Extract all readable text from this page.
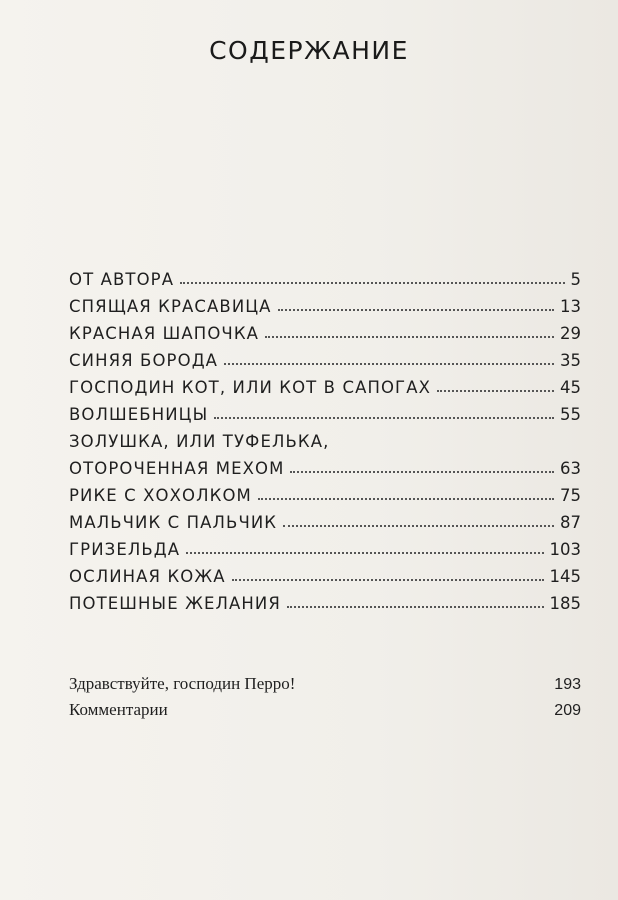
СОДЕРЖАНИЕ
ОТ АВТОРА	5
СПЯЩАЯ КРАСАВИЦА	13
КРАСНАЯ ШАПОЧКА	29
СИНЯЯ БОРОДА	35
ГОСПОДИН КОТ, ИЛИ КОТ В САПОГАХ	45
ВОЛШЕБНИЦЫ	55
ЗОЛУШКА, ИЛИ ТУФЕЛЬКА,
ОТОРОЧЕННАЯ МЕХОМ	63
РИКЕ С ХОХОЛКОМ	75
МАЛЬЧИК С ПАЛЬЧИК	87
ГРИЗЕЛЬДА	103
ОСЛИНАЯ КОЖА	145
ПОТЕШНЫЕ ЖЕЛАНИЯ	185
Здравствуйте, господин Перро!	193
Комментарии	209
